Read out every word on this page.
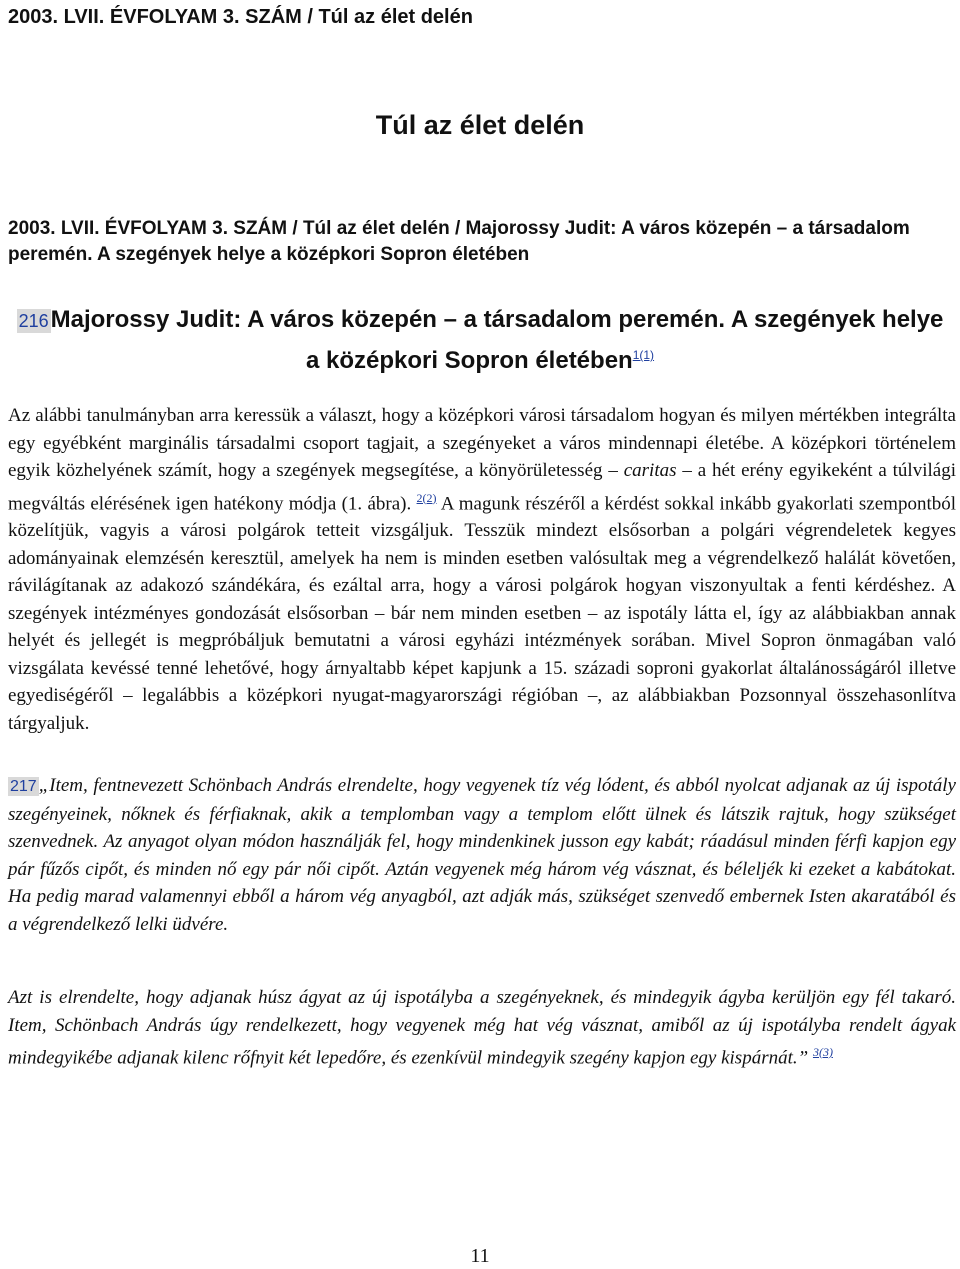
2003. LVII. ÉVFOLYAM 3. SZÁM / Túl az élet delén
Túl az élet delén
2003. LVII. ÉVFOLYAM 3. SZÁM / Túl az élet delén / Majorossy Judit: A város közepén – a társadalom peremén. A szegények helye a középkori Sopron életében
216Majorossy Judit: A város közepén – a társadalom peremén. A szegények helye a középkori Sopron életében$^{1(1)}$

Az alábbi tanulmányban arra keressük a választ, hogy a középkori városi társadalom hogyan és milyen mértékben integrálta egy egyébként marginális társadalmi csoport tagjait, a szegényeket a város mindennapi életébe. A középkori történelem egyik közhelyének számít, hogy a szegények megsegítése, a könyörületesség – caritas – a hét erény egyikeként a túlvilági megváltás elérésének igen hatékony módja (1. ábra). $^{2(2)}$ A magunk részéről a kérdést sokkal inkább gyakorlati szempontból közelítjük, vagyis a városi polgárok tetteit vizsgáljuk. Tesszük mindezt elsősorban a polgári végrendeletek kegyes adományainak elemzésén keresztül, amelyek ha nem is minden esetben valósultak meg a végrendelkező halálát követően, rávilágítanak az adakozó szándékára, és ezáltal arra, hogy a városi polgárok hogyan viszonyultak a fenti kérdéshez. A szegények intézményes gondozását elsősorban – bár nem minden esetben – az ispotály látta el, így az alábbiakban annak helyét és jellegét is megpróbáljuk bemutatni a városi egyházi intézmények sorában. Mivel Sopron önmagában való vizsgálata kevéssé tenné lehetővé, hogy árnyaltabb képet kapjunk a 15. századi soproni gyakorlat általánosságáról illetve egyediségéről – legalábbis a középkori nyugat-magyarországi régióban –, az alábbiakban Pozsonnyal összehasonlítva tárgyaljuk.

217 „Item, fentnevezett Schönbach András elrendelte, hogy vegyenek tíz vég lódent, és abból nyolcat adjanak az új ispotály szegényeinek, nőknek és férfiaknak, akik a templomban vagy a templom előtt ülnek és látszik rajtuk, hogy szükséget szenvednek. Az anyagot olyan módon használják fel, hogy mindenkinek jusson egy kabát; ráadásul minden férfi kapjon egy pár fűzős cipőt, és minden nő egy pár női cipőt. Aztán vegyenek még három vég vásznat, és béleljék ki ezeket a kabátokat. Ha pedig marad valamennyi ebből a három vég anyagból, azt adják más, szükséget szenvedő embernek Isten akaratából és a végrendelkező lelki üdvére.

Azt is elrendelte, hogy adjanak húsz ágyat az új ispotályba a szegényeknek, és mindegyik ágyba kerüljön egy fél takaró. Item, Schönbach András úgy rendelkezett, hogy vegyenek még hat vég vásznat, amiből az új ispotályba rendelt ágyak mindegyikébe adjanak kilenc rőfnyit két lepedőre, és ezenkívül mindegyik szegény kapjon egy kispárnát.” $^{3(3)}$

11
